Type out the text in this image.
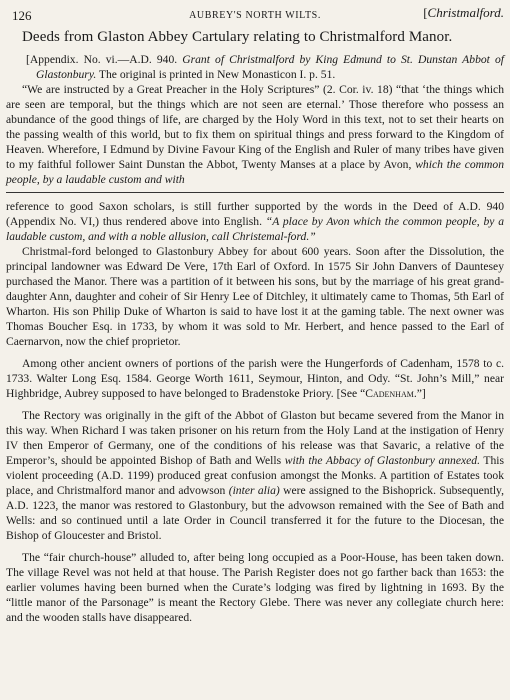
126	AUBREY'S NORTH WILTS.	[Christmalford.
Deeds from Glaston Abbey Cartulary relating to Christmalford Manor.

[Appendix. No. vi.—A.D. 940. Grant of Christmalford by King Edmund to St. Dunstan Abbot of Glastonbury. The original is printed in New Monasticon I. p. 51.

“We are instructed by a Great Preacher in the Holy Scriptures” (2. Cor. iv. 18) “that ‘the things which are seen are temporal, but the things which are not seen are eternal.’ Those therefore who possess an abundance of the good things of life, are charged by the Holy Word in this text, not to set their hearts on the passing wealth of this world, but to fix them on spiritual things and press forward to the Kingdom of Heaven. Wherefore, I Edmund by Divine Favour King of the English and Ruler of many tribes have given to my faithful follower Saint Dunstan the Abbot, Twenty Manses at a place by Avon, which the common people, by a laudable custom and with

reference to good Saxon scholars, is still further supported by the words in the Deed of A.D. 940 (Appendix No. VI,) thus rendered above into English. “A place by Avon which the common people, by a laudable custom, and with a noble allusion, call Christemal-ford.”

Christmal-ford belonged to Glastonbury Abbey for about 600 years. Soon after the Dissolution, the principal landowner was Edward De Vere, 17th Earl of Oxford. In 1575 Sir John Danvers of Dauntesey purchased the Manor. There was a partition of it between his sons, but by the marriage of his great grand-daughter Ann, daughter and coheir of Sir Henry Lee of Ditchley, it ultimately came to Thomas, 5th Earl of Wharton. His son Philip Duke of Wharton is said to have lost it at the gaming table. The next owner was Thomas Boucher Esq. in 1733, by whom it was sold to Mr. Herbert, and hence passed to the Earl of Caernarvon, now the chief proprietor.

Among other ancient owners of portions of the parish were the Hungerfords of Cadenham, 1578 to c. 1733. Walter Long Esq. 1584. George Worth 1611, Seymour, Hinton, and Ody. “St. John’s Mill,” near Highbridge, Aubrey supposed to have belonged to Bradenstoke Priory. [See “Cadenham.”]

The Rectory was originally in the gift of the Abbot of Glaston but became severed from the Manor in this way. When Richard I was taken prisoner on his return from the Holy Land at the instigation of Henry IV then Emperor of Germany, one of the conditions of his release was that Savaric, a relative of the Emperor’s, should be appointed Bishop of Bath and Wells with the Abbacy of Glastonbury annexed. This violent proceeding (A.D. 1199) produced great confusion amongst the Monks. A partition of Estates took place, and Christmalford manor and advowson (inter alia) were assigned to the Bishoprick. Subsequently, A.D. 1223, the manor was restored to Glastonbury, but the advowson remained with the See of Bath and Wells: and so continued until a late Order in Council transferred it for the future to the Diocesan, the Bishop of Gloucester and Bristol.

The “fair church-house” alluded to, after being long occupied as a Poor-House, has been taken down. The village Revel was not held at that house. The Parish Register does not go farther back than 1653: the earlier volumes having been burned when the Curate’s lodging was fired by lightning in 1693. By the “little manor of the Parsonage” is meant the Rectory Glebe. There was never any collegiate church here: and the wooden stalls have disappeared.
